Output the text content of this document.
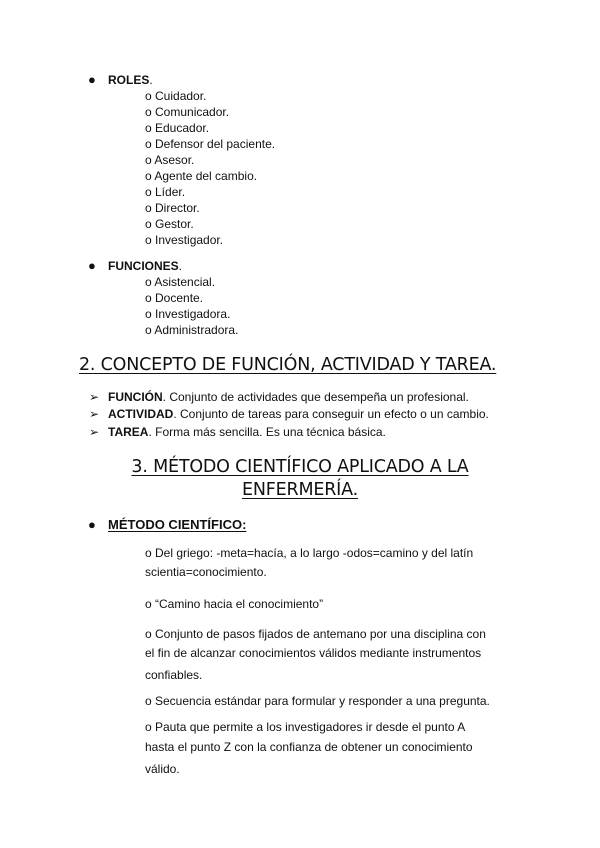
● ROLES.
o Cuidador.
o Comunicador.
o Educador.
o Defensor del paciente.
o Asesor.
o Agente del cambio.
o Líder.
o Director.
o Gestor.
o Investigador.
● FUNCIONES.
o Asistencial.
o Docente.
o Investigadora.
o Administradora.
2. CONCEPTO DE FUNCIÓN, ACTIVIDAD Y TAREA.
➢ FUNCIÓN. Conjunto de actividades que desempeña un profesional.
➢ ACTIVIDAD. Conjunto de tareas para conseguir un efecto o un cambio.
➢ TAREA. Forma más sencilla. Es una técnica básica.
3. MÉTODO CIENTÍFICO APLICADO A LA
ENFERMERÍA.
● MÉTODO CIENTÍFICO:
o Del griego: -meta=hacía, a lo largo -odos=camino y del latín
scientia=conocimiento.
o “Camino hacia el conocimiento”
o Conjunto de pasos fijados de antemano por una disciplina con
el fin de alcanzar conocimientos válidos mediante instrumentos
confiables.
o Secuencia estándar para formular y responder a una pregunta.
o Pauta que permite a los investigadores ir desde el punto A
hasta el punto Z con la confianza de obtener un conocimiento
válido.
